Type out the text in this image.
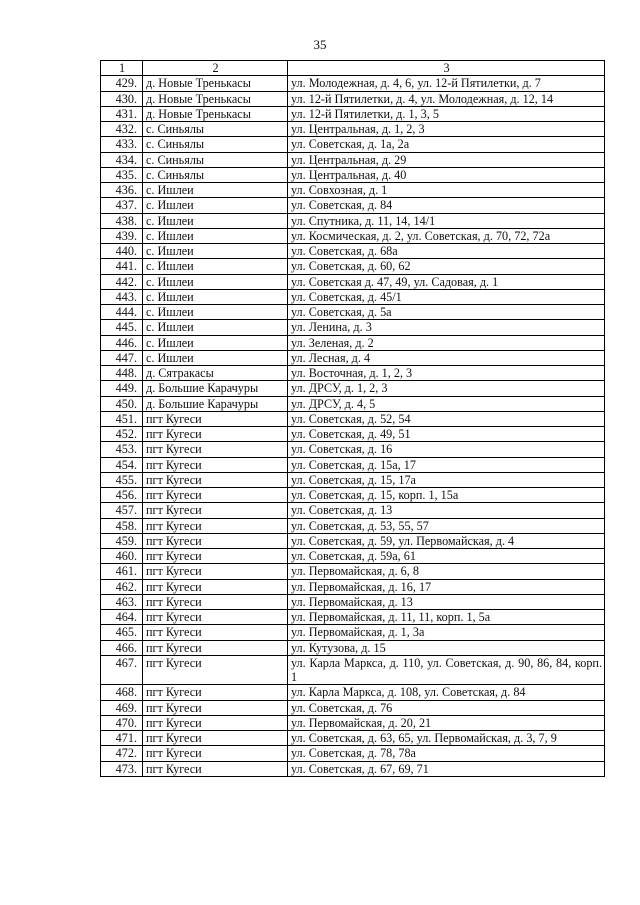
35
1	2	3
429.	д. Новые Тренькасы	ул. Молодежная, д. 4, 6, ул. 12-й Пятилетки, д. 7
430.	д. Новые Тренькасы	ул. 12-й Пятилетки, д. 4, ул. Молодежная, д. 12, 14
431.	д. Новые Тренькасы	ул. 12-й Пятилетки, д. 1, 3, 5
432.	с. Синьялы	ул. Центральная, д. 1, 2, 3
433.	с. Синьялы	ул. Советская, д. 1а, 2а
434.	с. Синьялы	ул. Центральная, д. 29
435.	с. Синьялы	ул. Центральная, д. 40
436.	с. Ишлеи	ул. Совхозная, д. 1
437.	с. Ишлеи	ул. Советская, д. 84
438.	с. Ишлеи	ул. Спутника, д. 11, 14, 14/1
439.	с. Ишлеи	ул. Космическая, д. 2, ул. Советская, д. 70, 72, 72а
440.	с. Ишлеи	ул. Советская, д. 68а
441.	с. Ишлеи	ул. Советская, д. 60, 62
442.	с. Ишлеи	ул. Советская д. 47, 49, ул. Садовая, д. 1
443.	с. Ишлеи	ул. Советская, д. 45/1
444.	с. Ишлеи	ул. Советская, д. 5а
445.	с. Ишлеи	ул. Ленина, д. 3
446.	с. Ишлеи	ул. Зеленая, д. 2
447.	с. Ишлеи	ул. Лесная, д. 4
448.	д. Сятракасы	ул. Восточная, д. 1, 2, 3
449.	д. Большие Карачуры	ул. ДРСУ, д. 1, 2, 3
450.	д. Большие Карачуры	ул. ДРСУ, д. 4, 5
451.	пгт Кугеси	ул. Советская, д. 52, 54
452.	пгт Кугеси	ул. Советская, д. 49, 51
453.	пгт Кугеси	ул. Советская, д. 16
454.	пгт Кугеси	ул. Советская, д. 15а, 17
455.	пгт Кугеси	ул. Советская, д. 15, 17а
456.	пгт Кугеси	ул. Советская, д. 15, корп. 1, 15а
457.	пгт Кугеси	ул. Советская, д. 13
458.	пгт Кугеси	ул. Советская, д. 53, 55, 57
459.	пгт Кугеси	ул. Советская, д. 59, ул. Первомайская, д. 4
460.	пгт Кугеси	ул. Советская, д. 59а, 61
461.	пгт Кугеси	ул. Первомайская, д. 6, 8
462.	пгт Кугеси	ул. Первомайская, д. 16, 17
463.	пгт Кугеси	ул. Первомайская, д. 13
464.	пгт Кугеси	ул. Первомайская, д. 11, 11, корп. 1, 5а
465.	пгт Кугеси	ул. Первомайская, д. 1, 3а
466.	пгт Кугеси	ул. Кутузова, д. 15
467.	пгт Кугеси	ул. Карла Маркса, д. 110, ул. Советская, д. 90, 86, 84, корп. 1
468.	пгт Кугеси	ул. Карла Маркса, д. 108, ул. Советская, д. 84
469.	пгт Кугеси	ул. Советская, д. 76
470.	пгт Кугеси	ул. Первомайская, д. 20, 21
471.	пгт Кугеси	ул. Советская, д. 63, 65, ул. Первомайская, д. 3, 7, 9
472.	пгт Кугеси	ул. Советская, д. 78, 78а
473.	пгт Кугеси	ул. Советская, д. 67, 69, 71
